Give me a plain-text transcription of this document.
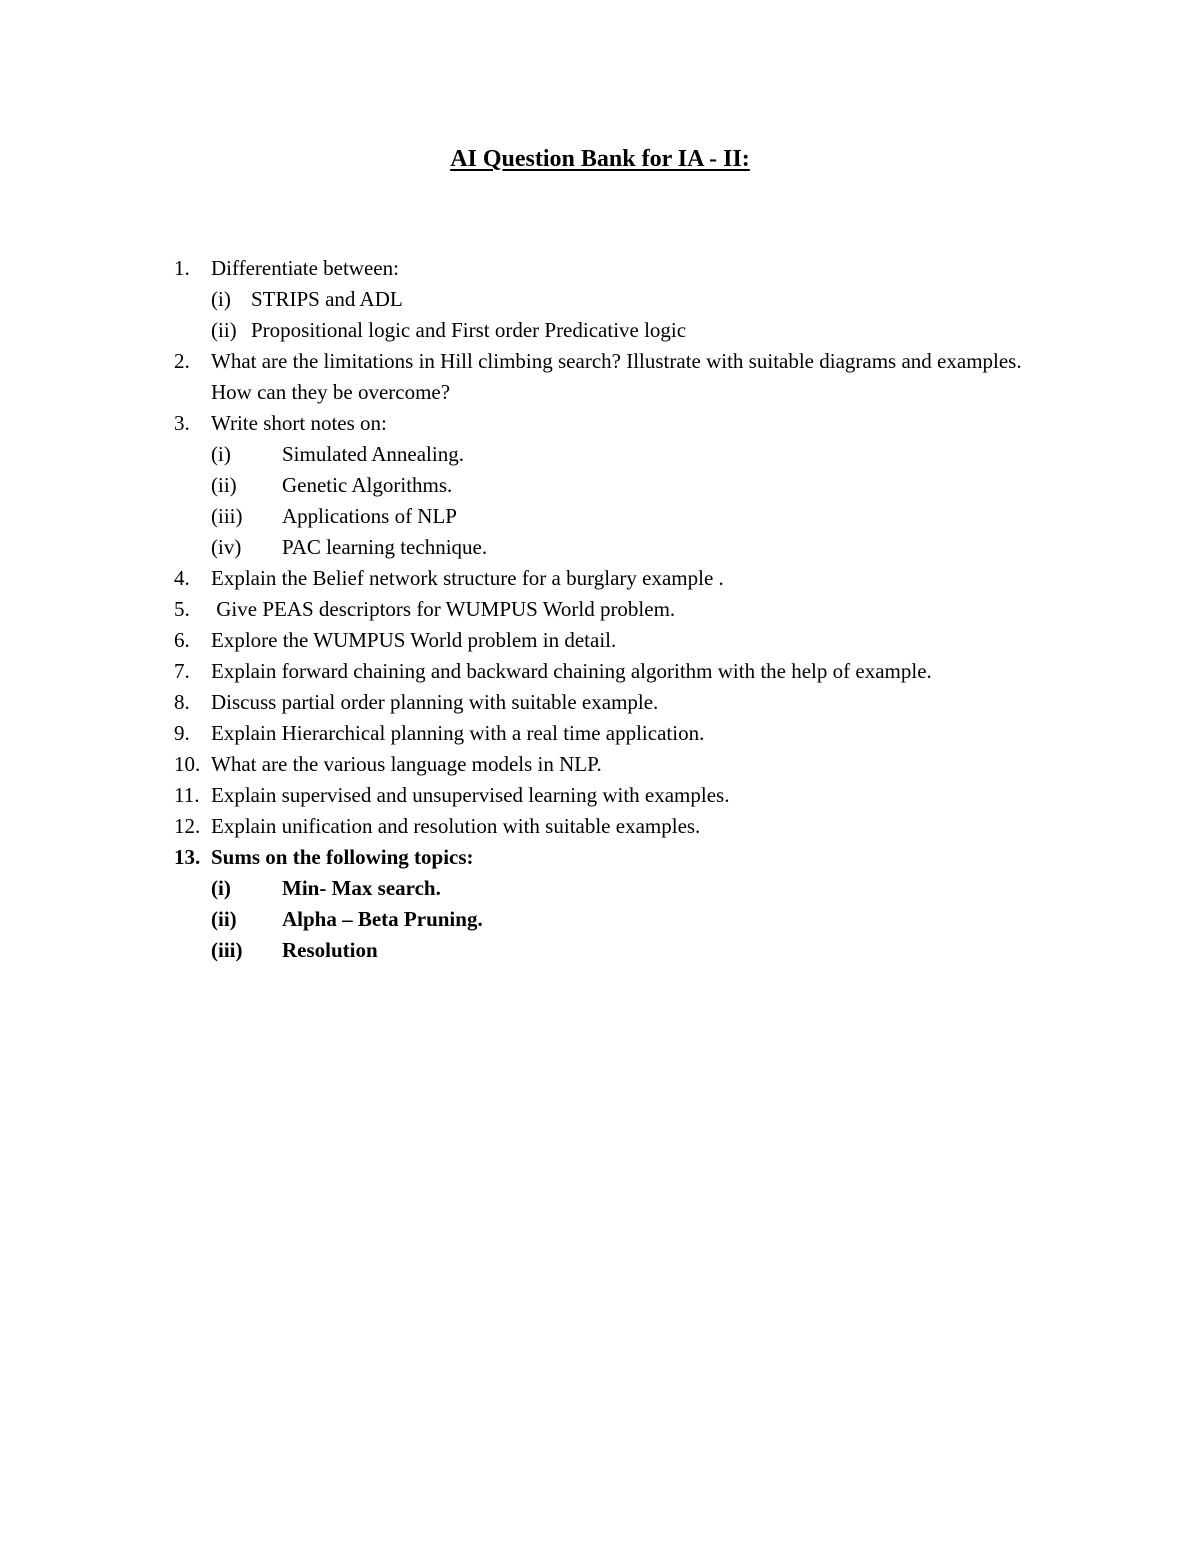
AI Question Bank for IA - II:
1.	Differentiate between:
(i) STRIPS and ADL
(ii) Propositional logic and First order Predicative logic
2.	What are the limitations in Hill climbing search? Illustrate with suitable diagrams and examples. How can they be overcome?
3.	Write short notes on:
(i)	Simulated Annealing.
(ii)	Genetic Algorithms.
(iii)	Applications of NLP
(iv)	PAC learning technique.
4.	Explain the Belief network structure for a burglary example .
5.	Give PEAS descriptors for WUMPUS World problem.
6.	Explore the WUMPUS World problem in detail.
7.	Explain forward chaining and backward chaining algorithm with the help of example.
8.	Discuss partial order planning with suitable example.
9.	Explain Hierarchical planning with a real time application.
10. What are the various language models in NLP.
11. Explain supervised and unsupervised learning with examples.
12. Explain unification and resolution with suitable examples.
13. Sums on the following topics:
(i)	Min- Max search.
(ii)	Alpha – Beta Pruning.
(iii)	Resolution
